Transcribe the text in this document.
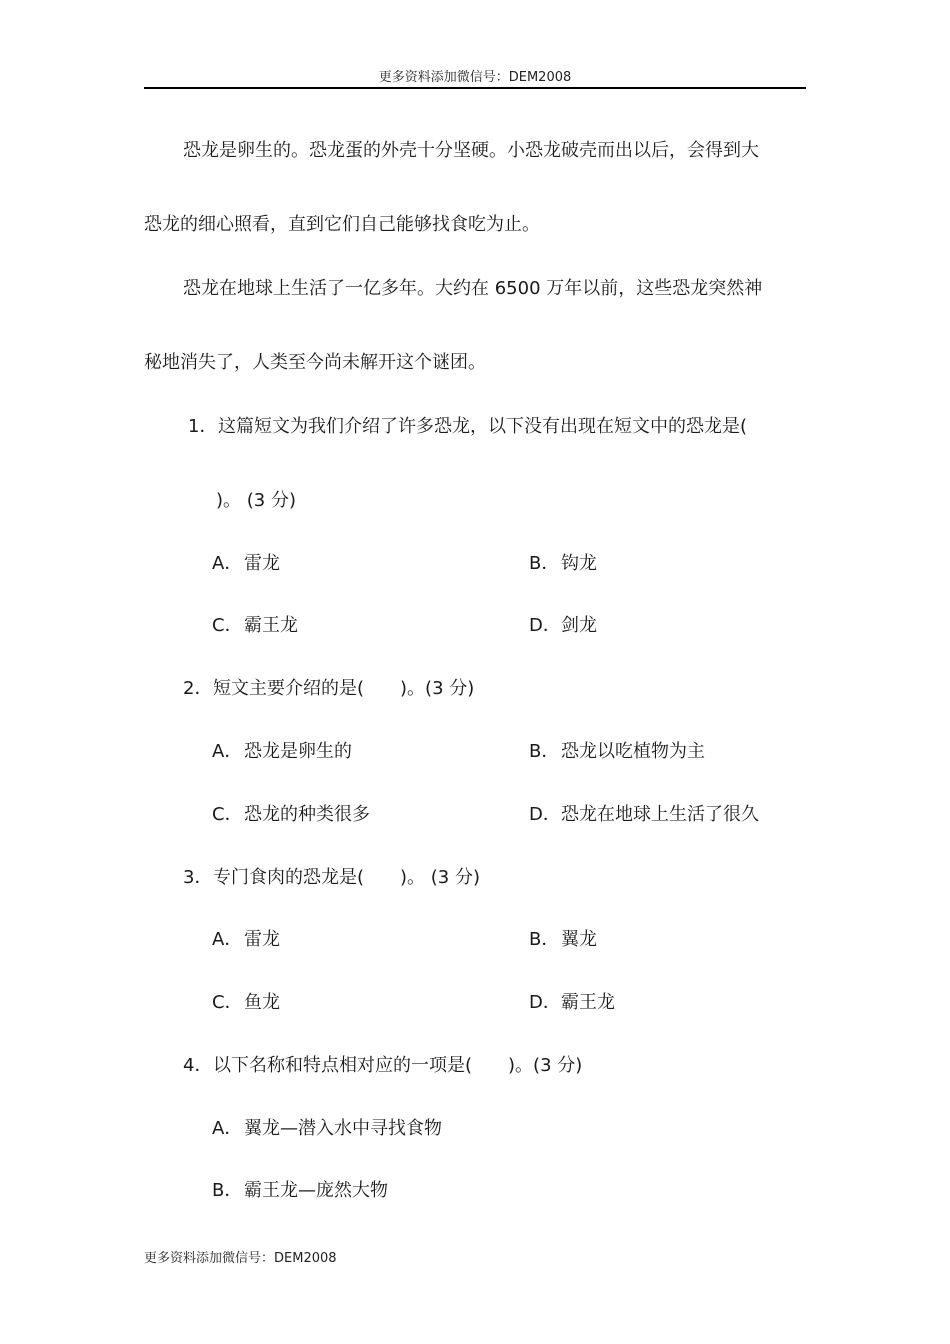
更多资料添加微信号：DEM2008
恐龙是卵生的。恐龙蛋的外壳十分坚硬。小恐龙破壳而出以后，会得到大
恐龙的细心照看，直到它们自己能够找食吃为止。
恐龙在地球上生活了一亿多年。大约在 6500 万年以前，这些恐龙突然神
秘地消失了，人类至今尚未解开这个谜团。
1．这篇短文为我们介绍了许多恐龙，以下没有出现在短文中的恐龙是(
)。 (3 分)
A．雷龙	B．钩龙
C．霸王龙	D．剑龙
2．短文主要介绍的是(　　)。(3 分)
A．恐龙是卵生的	B．恐龙以吃植物为主
C．恐龙的种类很多	D．恐龙在地球上生活了很久
3．专门食肉的恐龙是(　　)。 (3 分)
A．雷龙	B．翼龙
C．鱼龙	D．霸王龙
4．以下名称和特点相对应的一项是(　　)。(3 分)
A．翼龙—潜入水中寻找食物
B．霸王龙—庞然大物
更多资料添加微信号：DEM2008
